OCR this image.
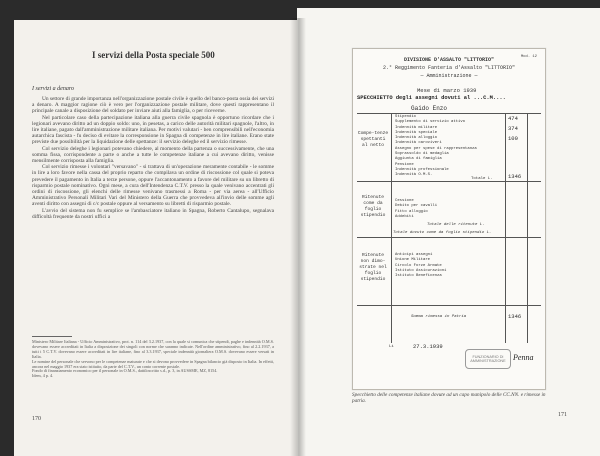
I servizi della Posta speciale 500
I servizi a denaro

Un settore di grande importanza nell'organizzazione postale civile è quello del banco-posta ossia dei servizi a denaro. A maggior ragione ciò è vero per l'organizzazione postale militare, dove questi rappresentano il principale canale a disposizione del soldato per inviare aiuti alla famiglia, o per riceverne.

Nel particolare caso della partecipazione italiana alla guerra civile spagnola è opportuno ricordare che i legionari avevano diritto ad un doppio soldo: uno, in pesetas, a carico delle autorità militari spagnole, l'altro, in lire italiane, pagato dall'amministrazione militare italiana. Per motivi valutari - ben comprensibili nell'economia autarchica fascista - fu deciso di evitare la corresponsione in Spagna di competenze in lire italiane. Erano state previste due possibilità per la liquidazione delle spettanze: il servizio deleghe ed il servizio rimesse.

Col servizio deleghe i legionari potevano chiedere, al momento della partenza o successivamente, che una somma fissa, corrispondente a parte o anche a tutte le competenze italiane a cui avevano diritto, venisse mensilmente corrisposta alla famiglia.

Col servizio rimesse i volontari "versavano" - si trattava di un'operazione meramente contabile - le somme in lire a loro favore nella cassa del proprio reparto che compilava un ordine di riscossione col quale si poteva prevedere il pagamento in Italia a terze persone, oppure l'accantonamento a favore del militare su un libretto di risparmio postale nominativo. Ogni mese, a cura dell'Intendenza C.T.V. presso la quale venivano accentrati gli ordini di riscossione, gli elenchi delle rimesse venivano trasmessi a Roma - per via aerea - all'Ufficio Amministrativo Personali Militari Vari del Ministero della Guerra che provvedeva all'invio delle somme agli aventi diritto con assegni di c/c postale oppure al versamento su libretti di risparmio postale.

L'avvio del sistema non fu semplice se l'ambasciatore italiano in Spagna, Roberto Cantalupo, segnalava difficoltà frequente da nostri uffici a

Ministero Militare Italiana - Ufficio Amministrativo, prot. n. 114 del 3.2.1937, con la quale si comunica che stipendi, paghe e indennità O.M.S. dovevano essere accreditati in Italia a disposizione dei singoli con norme che saranno indicate. Nell'ordine amministrativo, fino al 2.2.1937, a tutti i 5 C.T.V. dovevano essere accreditati in lire italiane, fino al 3.3.1937, speciale indennità giornaliera O.M.S. dovevano essere versati in Italia.

Le nomine del personale che servono per le competenze maturate e che si devono provvedere in Spagna bilancio già disposto in Italia. In effetti, ancora nel maggio 1937 era stato istituito, da parte del C.T.V., un conto corrente postale.

Fondo di finanziamento economico per il personale in O.M.S., dattiloscritto s.d., p. 3, in AUSSME, MZ, 8154.

Idem, 4 p. 4.

170
Mod. 12
DIVISIONE D'ASSALTO "LITTORIO"
2.° Reggimento Fanteria d'Assalto "LITTORIO"
— Amministrazione —
Mese di marzo 1939
SPECCHIETTO degli assegni dovuti al ...C.M....
Gaido Enzo
Compe-tenze spettanti al netto
Ritenute come da foglio stipendio
Ritenute non dimo-strate nel foglio stipendio
Stipendio
Supplemento di servizio attivo
Indennità militare
Indennità speciale
Indennità alloggio
Indennità caroviveri
Assegno per spese di rappresentanza
Soprassoldo di medaglia
Aggiunta di famiglia
Pensione
Indennità professionale
Indennità O.M.S.
Totale L.
474
374
100
1346
Cessione
Debito per cavalli
Fitto alloggio
Addebiti
Totale delle ritenute L.
Totale dovuto come da foglio stipendio L.
Anticipi assegni
Unione Militare
Circolo Forze Armate
Istituto Assicurazioni
Istituto Beneficenza
Somma rimessa in Patria	1346
Lì	27.3.1939
FUNZIONARIO DI AMMINISTRAZIONE Penna
Specchietto delle competenze italiane dovute ad un capo manipolo delle CC.NN. e rimesse in patria.
171
